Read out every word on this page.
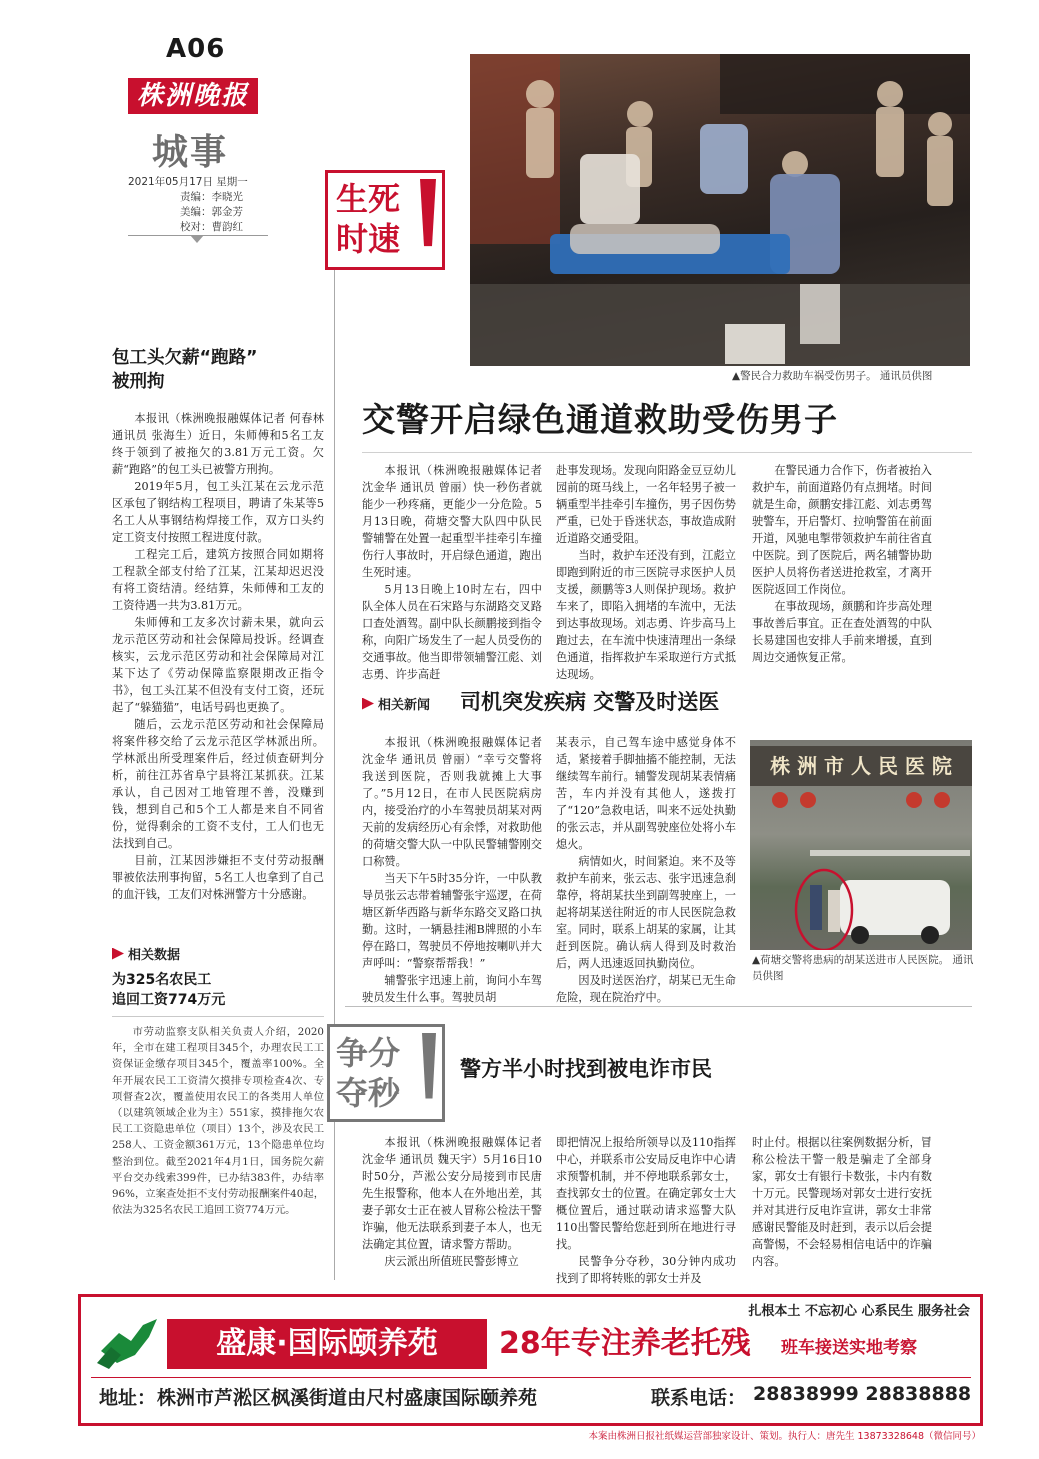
A06
株洲晚报
城事
2021年05月17日 星期一
责编：李晓光
美编：郭金芳
校对：曹韵红
包工头欠薪“跑路”
被刑拘

本报讯（株洲晚报融媒体记者 何春林 通讯员 张海生）近日，朱师傅和5名工友终于领到了被拖欠的3.81万元工资。欠薪“跑路”的包工头已被警方刑拘。

2019年5月，包工头江某在云龙示范区承包了钢结构工程项目，聘请了朱某等5名工人从事钢结构焊接工作，双方口头约定工资支付按照工程进度付款。

工程完工后，建筑方按照合同如期将工程款全部支付给了江某，江某却迟迟没有将工资结清。经结算，朱师傅和工友的工资待遇一共为3.81万元。

朱师傅和工友多次讨薪未果，就向云龙示范区劳动和社会保障局投诉。经调查核实，云龙示范区劳动和社会保障局对江某下达了《劳动保障监察限期改正指令书》，包工头江某不但没有支付工资，还玩起了“躲猫猫”，电话号码也更换了。

随后，云龙示范区劳动和社会保障局将案件移交给了云龙示范区学林派出所。学林派出所受理案件后，经过侦查研判分析，前往江苏省阜宁县将江某抓获。江某承认，自己因对工地管理不善，没赚到钱，想到自己和5个工人都是来自不同省份，觉得剩余的工资不支付，工人们也无法找到自己。

目前，江某因涉嫌拒不支付劳动报酬罪被依法刑事拘留，5名工人也拿到了自己的血汗钱，工友们对株洲警方十分感谢。

相关数据
为325名农民工
追回工资774万元

市劳动监察支队相关负责人介绍，2020年，全市在建工程项目345个，办理农民工工资保证金缴存项目345个，覆盖率100%。全年开展农民工工资清欠摸排专项检查4次、专项督查2次，覆盖使用农民工的各类用人单位（以建筑领域企业为主）551家，摸排拖欠农民工工资隐患单位（项目）13个，涉及农民工258人、工资金额361万元，13个隐患单位均整治到位。截至2021年4月1日，国务院欠薪平台交办线索399件，已办结383件，办结率96%，立案查处拒不支付劳动报酬案件40起，依法为325名农民工追回工资774万元。

生死
时速
▲警民合力救助车祸受伤男子。 通讯员供图
交警开启绿色通道救助受伤男子

本报讯（株洲晚报融媒体记者 沈金华 通讯员 曾丽）快一秒伤者就能少一秒疼痛，更能少一分危险。5月13日晚，荷塘交警大队四中队民警辅警在处置一起重型半挂牵引车撞伤行人事故时，开启绿色通道，跑出生死时速。

5月13日晚上10时左右，四中队全体人员在石宋路与东湖路交叉路口查处酒驾。副中队长颜鹏接到指令称，向阳广场发生了一起人员受伤的交通事故。他当即带领辅警江彪、刘志勇、许步高赶

赴事发现场。发现向阳路金豆豆幼儿园前的斑马线上，一名年轻男子被一辆重型半挂牵引车撞伤，男子因伤势严重，已处于昏迷状态，事故造成附近道路交通受阻。

当时，救护车还没有到，江彪立即跑到附近的市三医院寻求医护人员支援，颜鹏等3人则保护现场。救护车来了，即陷入拥堵的车流中，无法到达事故现场。刘志勇、许步高马上跑过去，在车流中快速清理出一条绿色通道，指挥救护车采取逆行方式抵达现场。

在警民通力合作下，伤者被抬入救护车，前面道路仍有点拥堵。时间就是生命，颜鹏安排江彪、刘志勇驾驶警车，开启警灯、拉响警笛在前面开道，风驰电掣带领救护车前往省直中医院。到了医院后，两名辅警协助医护人员将伤者送进抢救室，才离开医院返回工作岗位。

在事故现场，颜鹏和许步高处理事故善后事宜。正在查处酒驾的中队长易建国也安排人手前来增援，直到周边交通恢复正常。

相关新闻 司机突发疾病 交警及时送医

本报讯（株洲晚报融媒体记者 沈金华 通讯员 曾丽）“幸亏交警将我送到医院，否则我就摊上大事了。”5月12日，在市人民医院病房内，接受治疗的小车驾驶员胡某对两天前的发病经历心有余悸，对救助他的荷塘交警大队一中队民警辅警刚交口称赞。

当天下午5时35分许，一中队教导员张云志带着辅警张宇巡逻，在荷塘区新华西路与新华东路交叉路口执勤。这时，一辆悬挂湘B牌照的小车停在路口，驾驶员不停地按喇叭并大声呼叫：“警察帮帮我！”

辅警张宇迅速上前，询问小车驾驶员发生什么事。驾驶员胡

某表示，自己驾车途中感觉身体不适，紧接着手脚抽搐不能控制，无法继续驾车前行。辅警发现胡某表情痛苦，车内并没有其他人，遂拨打了“120”急救电话，叫来不远处执勤的张云志，并从副驾驶座位处将小车熄火。

病情如火，时间紧迫。来不及等救护车前来，张云志、张宇迅速急刹靠停，将胡某扶坐到副驾驶座上，一起将胡某送往附近的市人民医院急救室。同时，联系上胡某的家属，让其赶到医院。确认病人得到及时救治后，两人迅速返回执勤岗位。

因及时送医治疗，胡某已无生命危险，现在院治疗中。

株 洲 市 人 民 医 院
▲荷塘交警将患病的胡某送进市人民医院。 通讯员供图
争分
夺秒
警方半小时找到被电诈市民

本报讯（株洲晚报融媒体记者 沈金华 通讯员 魏天宇）5月16日10时50分，芦淞公安分局接到市民唐先生报警称，他本人在外地出差，其妻子郭女士正在被人冒称公检法干警诈骗，他无法联系到妻子本人，也无法确定其位置，请求警方帮助。

庆云派出所值班民警彭博立

即把情况上报给所领导以及110指挥中心，并联系市公安局反电诈中心请求预警机制，并不停地联系郭女士，查找郭女士的位置。在确定郭女士大概位置后，通过联动请求巡警大队110出警民警给您赶到所在地进行寻找。

民警争分夺秒，30分钟内成功找到了即将转账的郭女士并及

时止付。根据以往案例数据分析，冒称公检法干警一般是骗走了全部身家，郭女士有银行卡数张，卡内有数十万元。民警现场对郭女士进行安抚并对其进行反电诈宣讲，郭女士非常感谢民警能及时赶到，表示以后会提高警惕，不会轻易相信电话中的诈骗内容。

扎根本土 不忘初心 心系民生 服务社会
盛康·国际颐养苑	28年专注养老托残 班车接送实地考察
地址： 株洲市芦淞区枫溪街道由尺村盛康国际颐养苑	联系电话： 28838999 28838888
本案由株洲日报社纸媒运营部独家设计、策划。执行人：唐先生 13873328648（微信同号）
